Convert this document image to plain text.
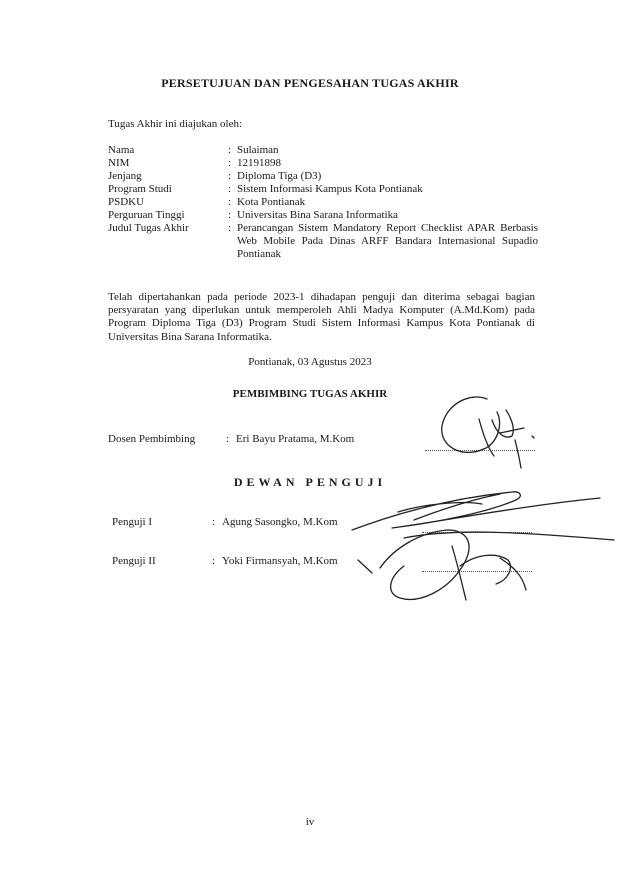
PERSETUJUAN DAN PENGESAHAN TUGAS AKHIR
Tugas Akhir ini diajukan oleh:
Nama	: Sulaiman
NIM	: 12191898
Jenjang	: Diploma Tiga (D3)
Program Studi	: Sistem Informasi Kampus Kota Pontianak
PSDKU	: Kota Pontianak
Perguruan Tinggi	: Universitas Bina Sarana Informatika
Judul Tugas Akhir	: Perancangan Sistem Mandatory Report Checklist APAR Berbasis Web Mobile Pada Dinas ARFF Bandara Internasional Supadio Pontianak
Telah dipertahankan pada periode 2023-1 dihadapan penguji dan diterima sebagai bagian persyaratan yang diperlukan untuk memperoleh Ahli Madya Komputer (A.Md.Kom) pada Program Diploma Tiga (D3) Program Studi Sistem Informasi Kampus Kota Pontianak di Universitas Bina Sarana Informatika.
Pontianak, 03 Agustus 2023
PEMBIMBING TUGAS AKHIR
Dosen Pembimbing	: Eri Bayu Pratama, M.Kom
DEWAN PENGUJI
Penguji I	: Agung Sasongko, M.Kom
Penguji II	: Yoki Firmansyah, M.Kom
iv
